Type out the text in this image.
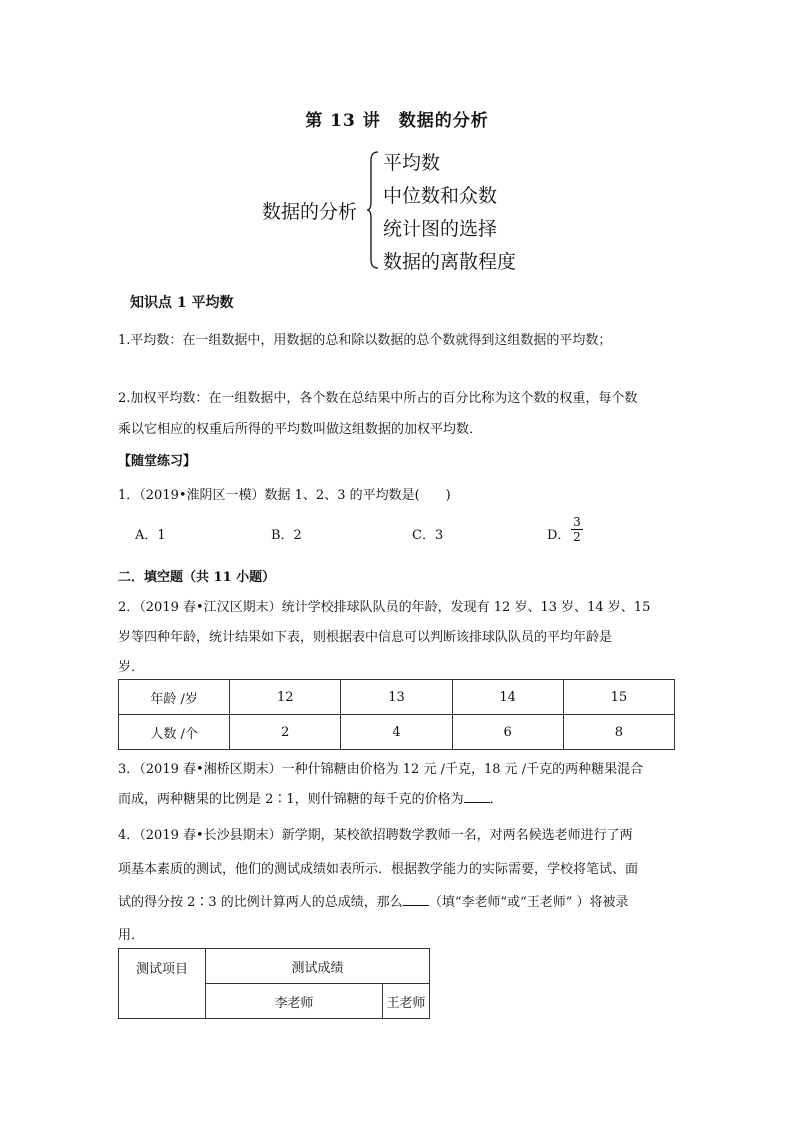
第 13 讲　数据的分析
数据的分析
平均数
中位数和众数
统计图的选择
数据的离散程度
知识点 1 平均数
1.平均数：在一组数据中，用数据的总和除以数据的总个数就得到这组数据的平均数；
2.加权平均数：在一组数据中，各个数在总结果中所占的百分比称为这个数的权重，每个数
乘以它相应的权重后所得的平均数叫做这组数据的加权平均数．
【随堂练习】
1．（2019•淮阴区一模）数据 1、2、3 的平均数是(　　)
A．1	B．2	C．3	D． $\frac{3}{2}$
二．填空题（共 11 小题）
2．（2019 春•江汉区期末）统计学校排球队队员的年龄，发现有 12 岁、13 岁、14 岁、15
岁等四种年龄，统计结果如下表，则根据表中信息可以判断该排球队队员的平均年龄是
岁．
年龄 /岁	12	13	14	15
人数 /个	2	4	6	8
3．（2019 春•湘桥区期末）一种什锦糖由价格为 12 元 /千克，18 元 /千克的两种糖果混合
而成，两种糖果的比例是 2∶1，则什锦糖的每千克的价格为 ．
4．（2019 春•长沙县期末）新学期，某校欲招聘数学教师一名，对两名候选老师进行了两
项基本素质的测试，他们的测试成绩如表所示．根据教学能力的实际需要，学校将笔试、面
试的得分按 2∶3 的比例计算两人的总成绩，那么 （填“李老师”或“王老师” ）将被录
用．
测试项目	测试成绩	
	李老师	王老师
